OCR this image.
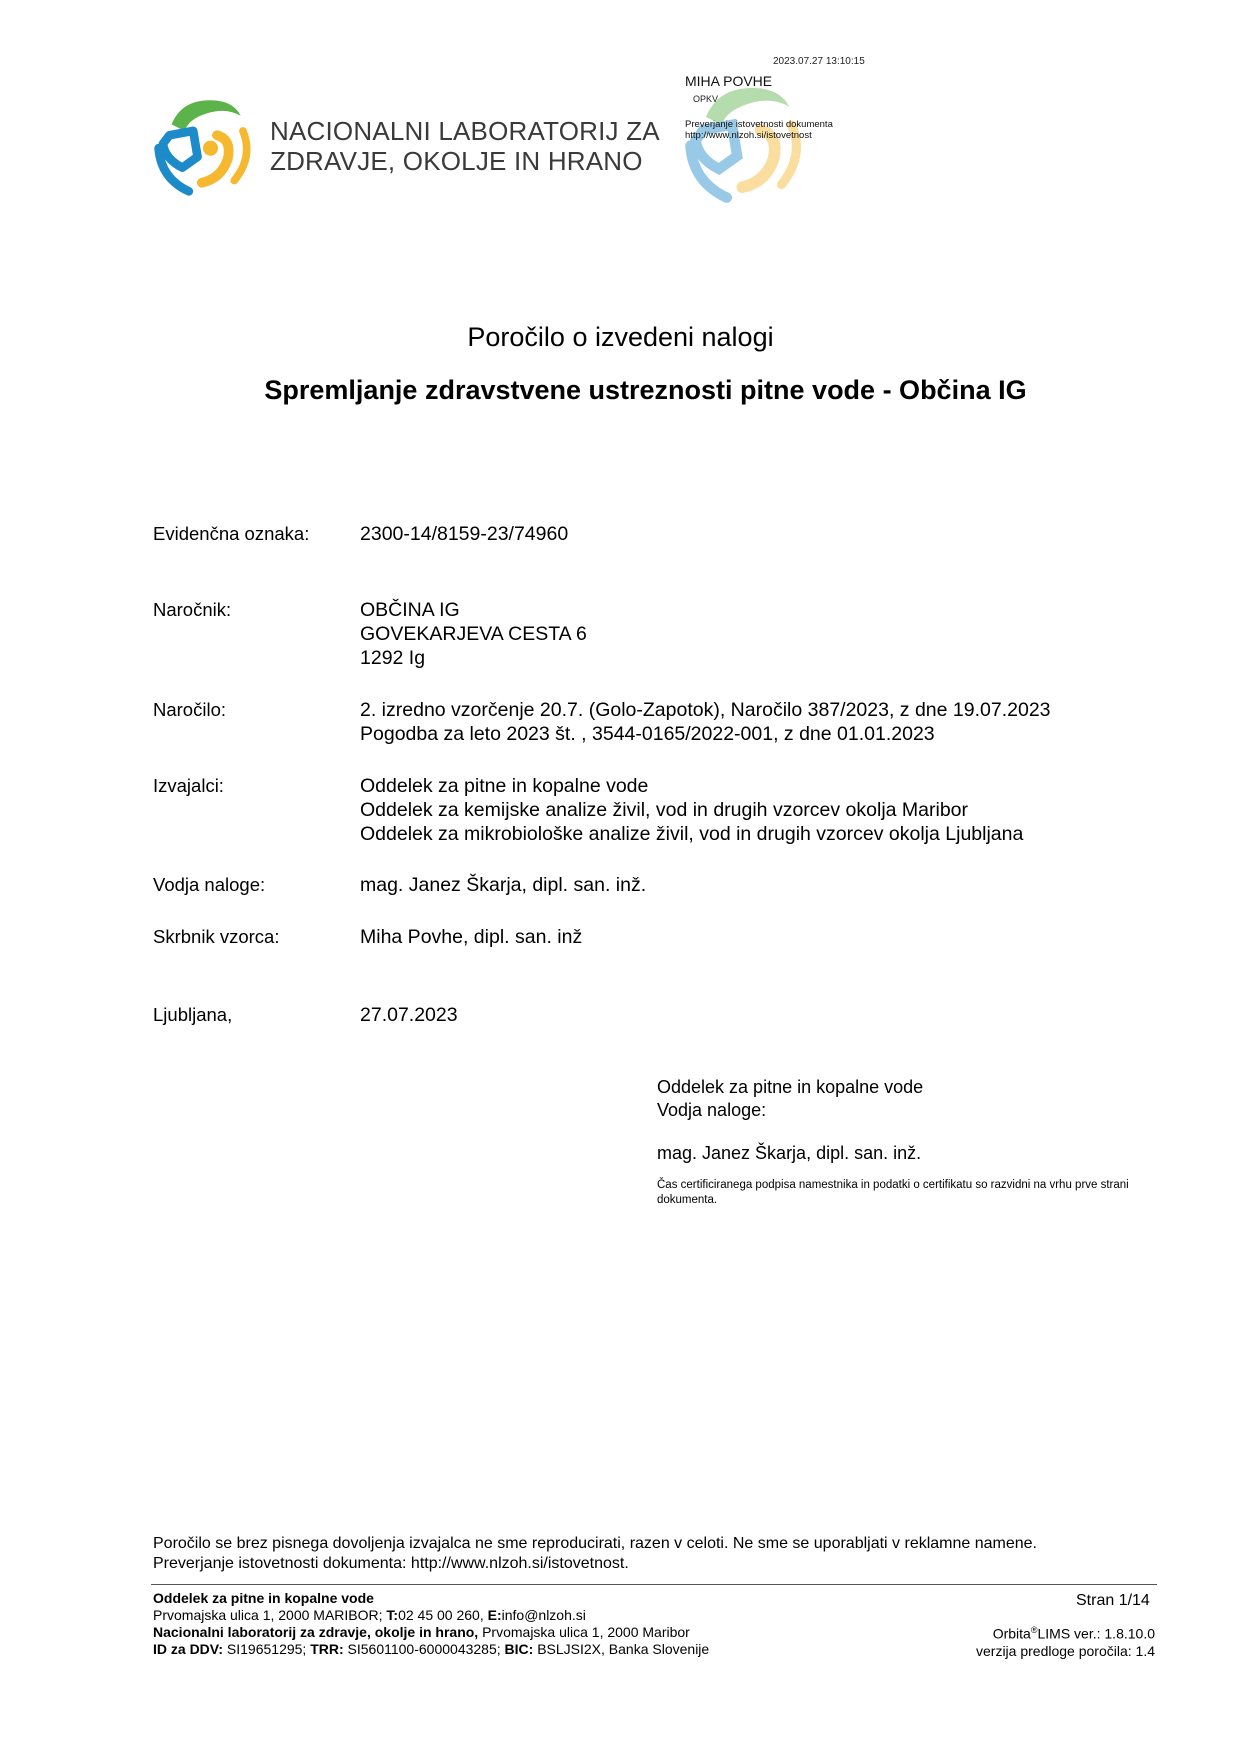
NACIONALNI LABORATORIJ ZA
ZDRAVJE, OKOLJE IN HRANO
2023.07.27 13:10:15
MIHA POVHE
OPKV
Preverjanje istovetnosti dokumenta
http://www.nlzoh.si/istovetnost
Poročilo o izvedeni nalogi
Spremljanje zdravstvene ustreznosti pitne vode - Občina IG
Evidenčna oznaka:	2300-14/8159-23/74960
Naročnik:	OBČINA IG
GOVEKARJEVA CESTA 6
1292 Ig
Naročilo:	2. izredno vzorčenje 20.7. (Golo-Zapotok), Naročilo 387/2023, z dne 19.07.2023
Pogodba za leto 2023 št. , 3544-0165/2022-001, z dne 01.01.2023
Izvajalci:	Oddelek za pitne in kopalne vode
Oddelek za kemijske analize živil, vod in drugih vzorcev okolja Maribor
Oddelek za mikrobiološke analize živil, vod in drugih vzorcev okolja Ljubljana
Vodja naloge:	mag. Janez Škarja, dipl. san. inž.
Skrbnik vzorca:	Miha Povhe, dipl. san. inž
Ljubljana,	27.07.2023
Oddelek za pitne in kopalne vode
Vodja naloge:
mag. Janez Škarja, dipl. san. inž.
Čas certificiranega podpisa namestnika in podatki o certifikatu so razvidni na vrhu prve strani dokumenta.
Poročilo se brez pisnega dovoljenja izvajalca ne sme reproducirati, razen v celoti. Ne sme se uporabljati v reklamne namene.
Preverjanje istovetnosti dokumenta: http://www.nlzoh.si/istovetnost.
Oddelek za pitne in kopalne vode
Prvomajska ulica 1, 2000 MARIBOR; T:02 45 00 260, E:info@nlzoh.si
Nacionalni laboratorij za zdravje, okolje in hrano, Prvomajska ulica 1, 2000 Maribor
ID za DDV: SI19651295; TRR: SI5601100-6000043285; BIC: BSLJSI2X, Banka Slovenije
Stran 1/14
Orbita®LIMS ver.: 1.8.10.0
verzija predloge poročila: 1.4
